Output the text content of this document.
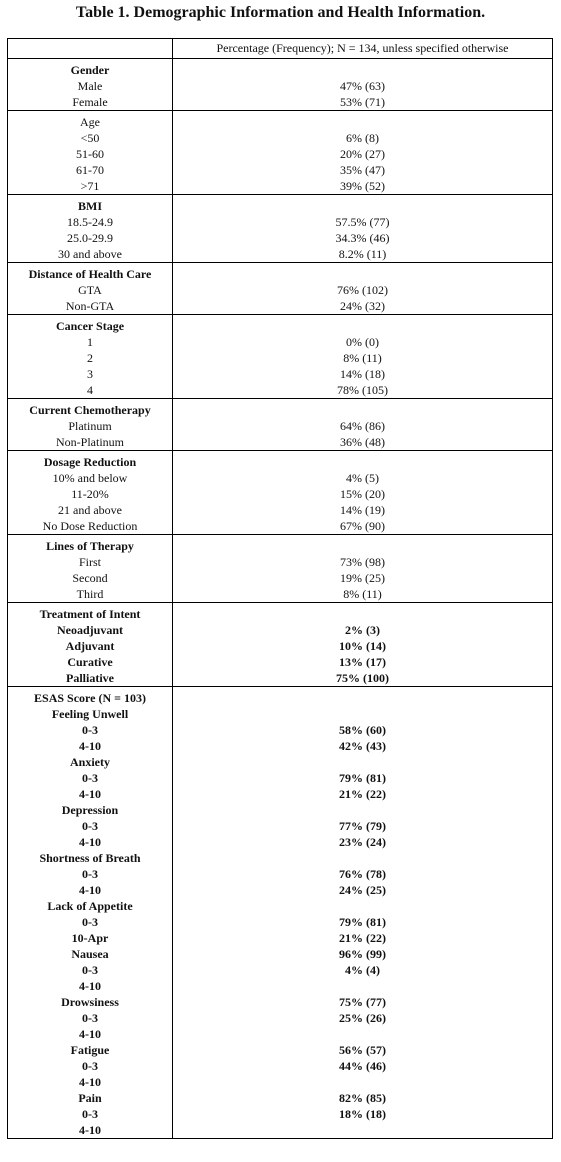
Table 1. Demographic Information and Health Information.
	Percentage (Frequency); N = 134, unless specified otherwise
Gender	
Male	47% (63)
Female	53% (71)
Age	
<50	6% (8)
51-60	20% (27)
61-70	35% (47)
>71	39% (52)
BMI	
18.5-24.9	57.5% (77)
25.0-29.9	34.3% (46)
30 and above	8.2% (11)
Distance of Health Care	
GTA	76% (102)
Non-GTA	24% (32)
Cancer Stage	
1	0% (0)
2	8% (11)
3	14% (18)
4	78% (105)
Current Chemotherapy	
Platinum	64% (86)
Non-Platinum	36% (48)
Dosage Reduction	
10% and below	4% (5)
11-20%	15% (20)
21 and above	14% (19)
No Dose Reduction	67% (90)
Lines of Therapy	
First	73% (98)
Second	19% (25)
Third	8% (11)
Treatment of Intent	
Neoadjuvant	2% (3)
Adjuvant	10% (14)
Curative	13% (17)
Palliative	75% (100)
ESAS Score (N = 103)	
Feeling Unwell	
0-3	58% (60)
4-10	42% (43)
Anxiety	
0-3	79% (81)
4-10	21% (22)
Depression	
0-3	77% (79)
4-10	23% (24)
Shortness of Breath	
0-3	76% (78)
4-10	24% (25)
Lack of Appetite	
0-3	79% (81)
10-Apr	21% (22)
Nausea	96% (99)
0-3	4% (4)
4-10	
Drowsiness	75% (77)
0-3	25% (26)
4-10	
Fatigue	56% (57)
0-3	44% (46)
4-10	
Pain	82% (85)
0-3	18% (18)
4-10	
